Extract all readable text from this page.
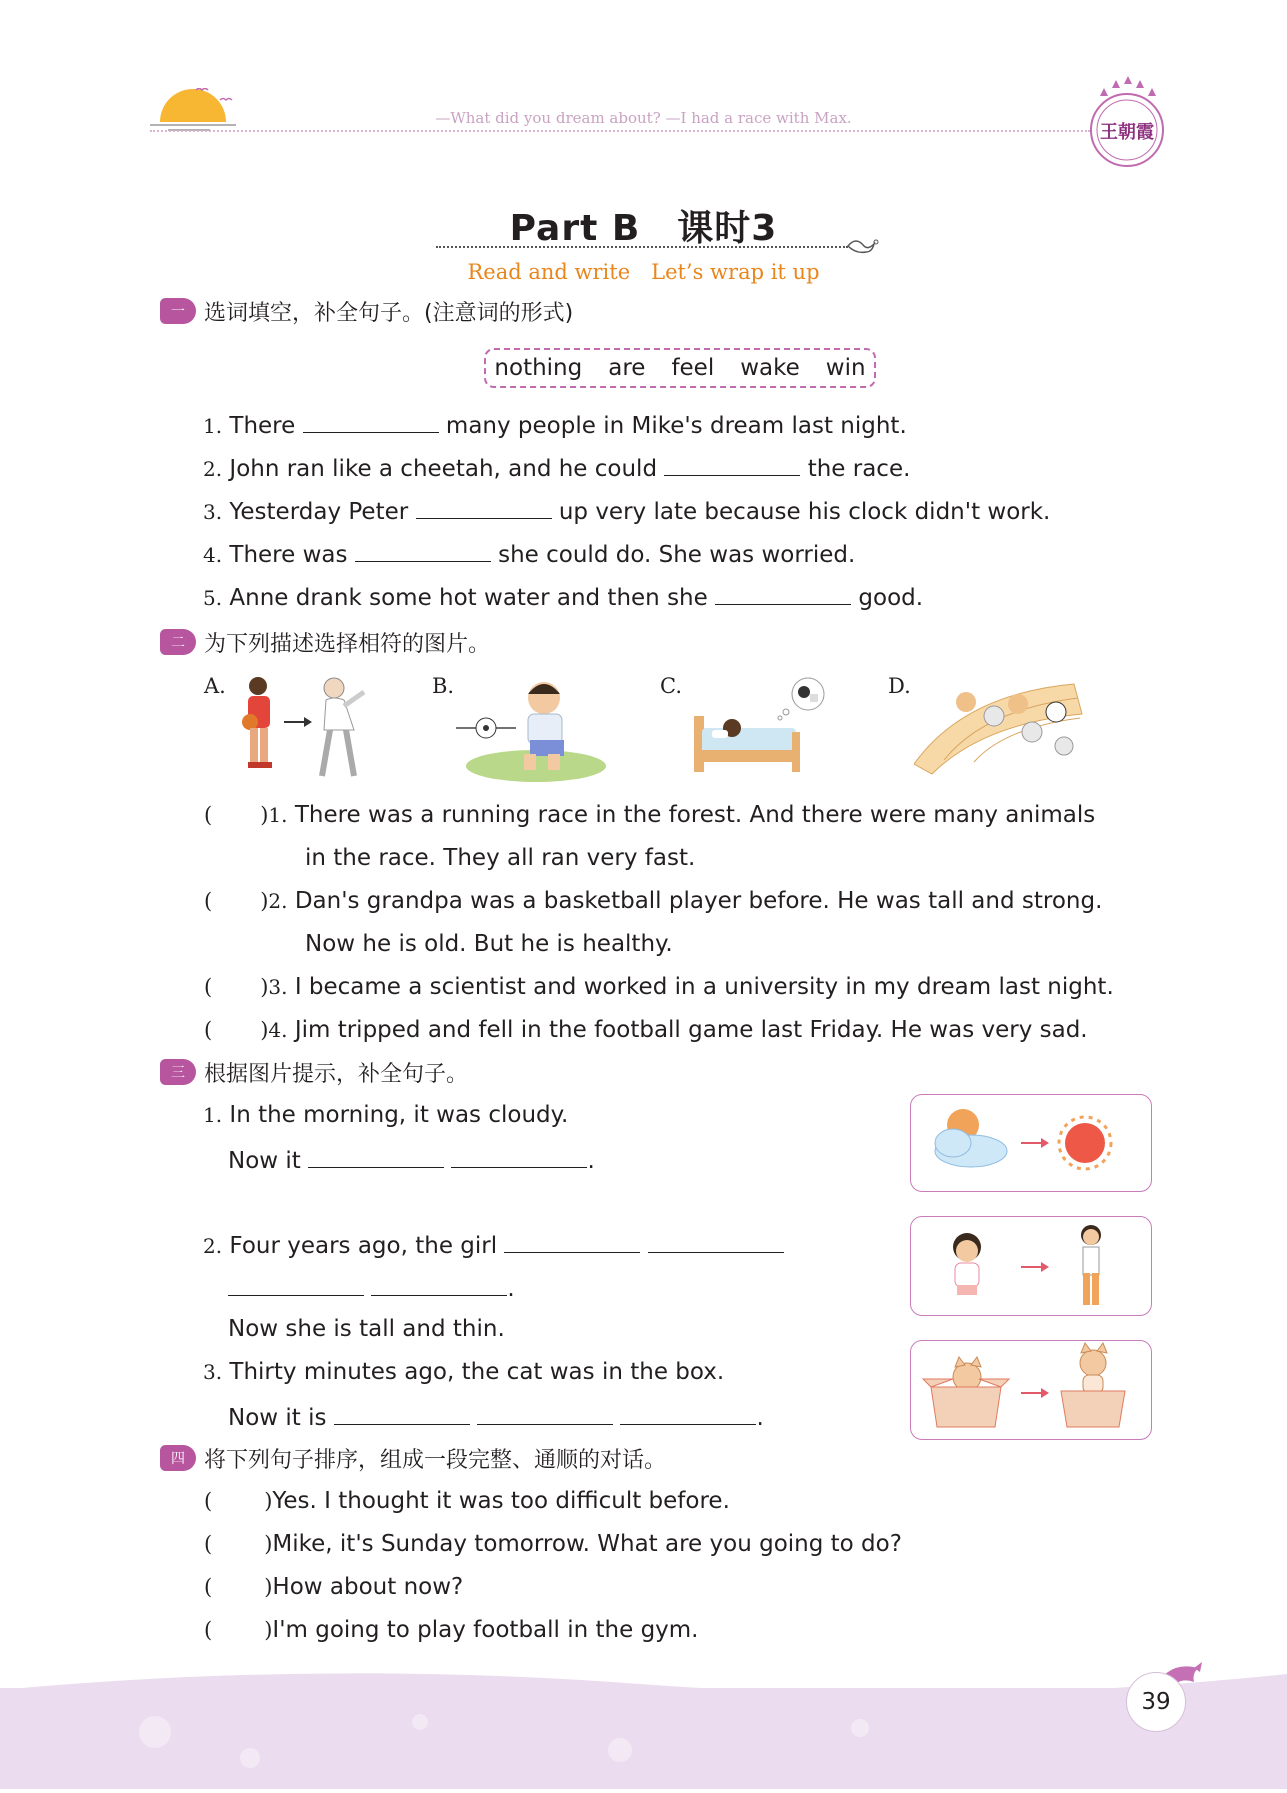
—What did you dream about? —I had a race with Max.
王朝霞
Part B　课时3
Read and write　Let’s wrap it up
一 选词填空，补全句子。(注意词的形式)
nothing are feel wake win
1. There	many people in Mike's dream last night.
2. John ran like a cheetah, and he could	the race.
3. Yesterday Peter	up very late because his clock didn't work.
4. There was	she could do. She was worried.
5. Anne drank some hot water and then she	good.
二 为下列描述选择相符的图片。
A.	B.	C.	D.
( )1. There was a running race in the forest. And there were many animals
in the race. They all ran very fast.
( )2. Dan's grandpa was a basketball player before. He was tall and strong.
Now he is old. But he is healthy.
( )3. I became a scientist and worked in a university in my dream last night.
( )4. Jim tripped and fell in the football game last Friday. He was very sad.
三 根据图片提示，补全句子。
1. In the morning, it was cloudy.
Now it	.
2. Four years ago, the girl
.
Now she is tall and thin.
3. Thirty minutes ago, the cat was in the box.
Now it is	.
四 将下列句子排序，组成一段完整、通顺的对话。
( )Yes. I thought it was too difficult before.
( )Mike, it's Sunday tomorrow. What are you going to do?
( )How about now?
( )I'm going to play football in the gym.
39
